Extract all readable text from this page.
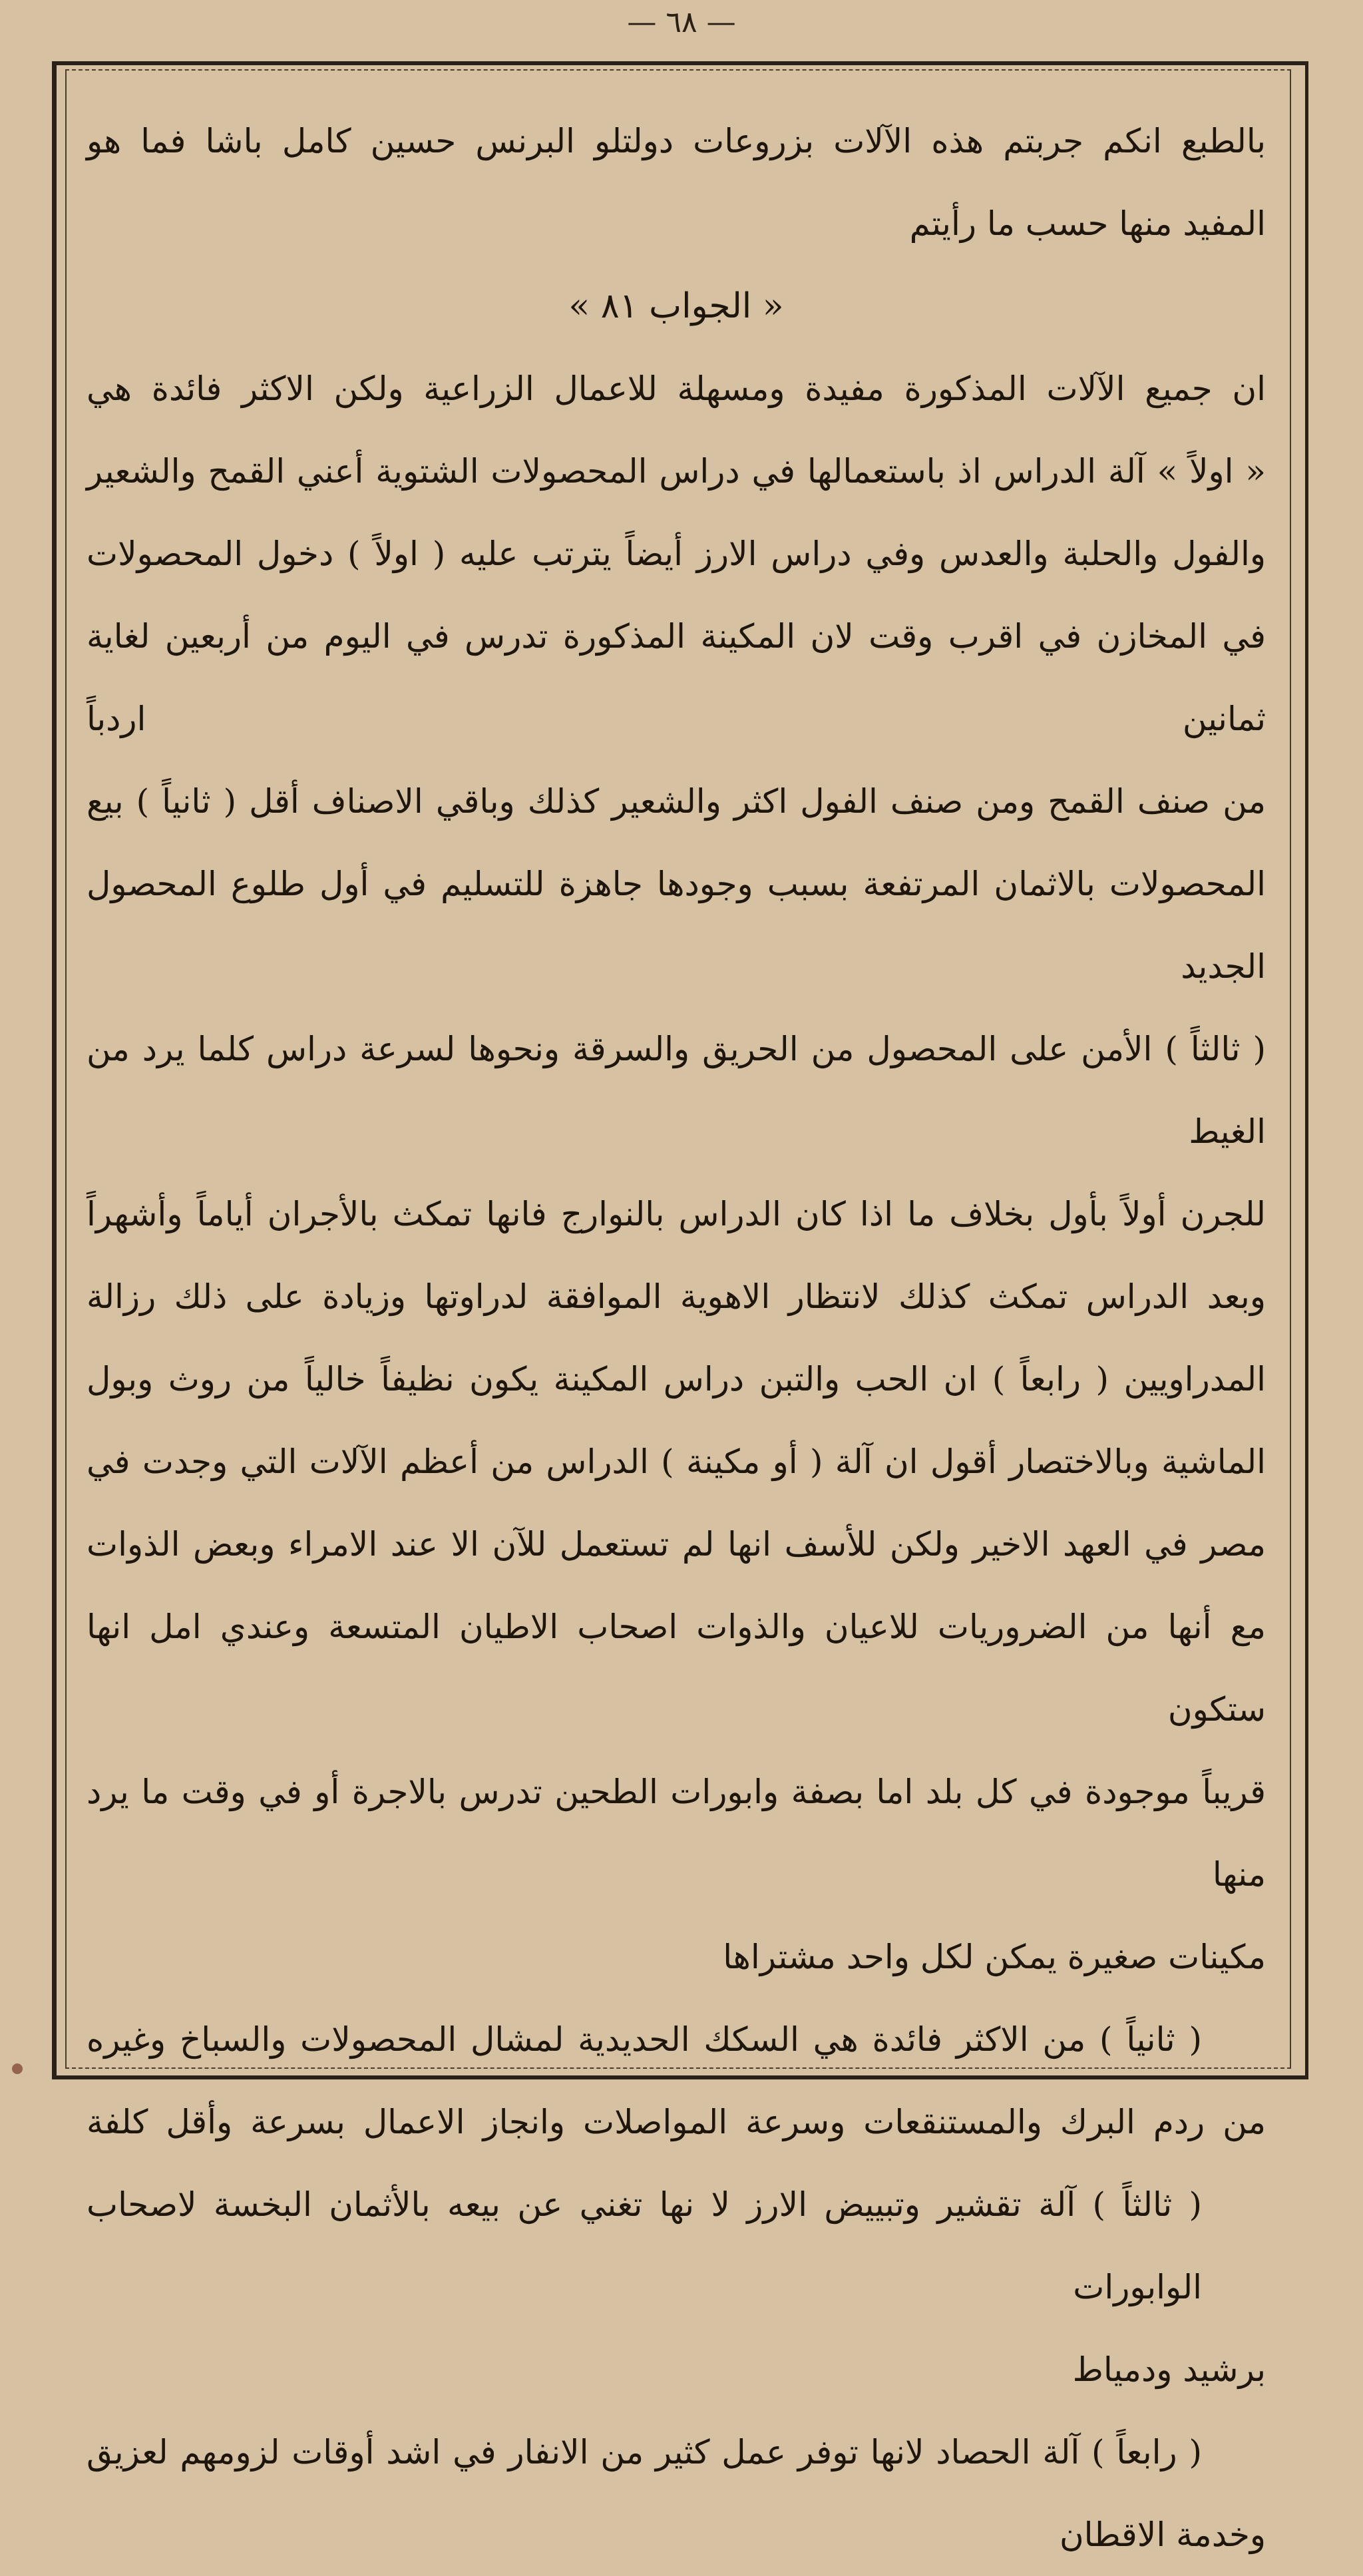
— ٦٨ —

بالطبع انكم جربتم هذه الآلات بزروعات دولتلو البرنس حسين كامل باشا فما هو

المفيد منها حسب ما رأيتم

« الجواب ٨١ »

ان جميع الآلات المذكورة مفيدة ومسهلة للاعمال الزراعية ولكن الاكثر فائدة هي

« اولاً » آلة الدراس اذ باستعمالها في دراس المحصولات الشتوية أعني القمح والشعير

والفول والحلبة والعدس وفي دراس الارز أيضاً يترتب عليه ( اولاً ) دخول المحصولات

في المخازن في اقرب وقت لان المكينة المذكورة تدرس في اليوم من أربعين لغاية ثمانين اردباً

من صنف القمح ومن صنف الفول اكثر والشعير كذلك وباقي الاصناف أقل ( ثانياً ) بيع

المحصولات بالاثمان المرتفعة بسبب وجودها جاهزة للتسليم في أول طلوع المحصول الجديد

( ثالثاً ) الأمن على المحصول من الحريق والسرقة ونحوها لسرعة دراس كلما يرد من الغيط

للجرن أولاً بأول بخلاف ما اذا كان الدراس بالنوارج فانها تمكث بالأجران أياماً وأشهراً

وبعد الدراس تمكث كذلك لانتظار الاهوية الموافقة لدراوتها وزيادة على ذلك رزالة

المدراويين ( رابعاً ) ان الحب والتبن دراس المكينة يكون نظيفاً خالياً من روث وبول

الماشية وبالاختصار أقول ان آلة ( أو مكينة ) الدراس من أعظم الآلات التي وجدت في

مصر في العهد الاخير ولكن للأسف انها لم تستعمل للآن الا عند الامراء وبعض الذوات

مع أنها من الضروريات للاعيان والذوات اصحاب الاطيان المتسعة وعندي امل انها ستكون

قريباً موجودة في كل بلد اما بصفة وابورات الطحين تدرس بالاجرة أو في وقت ما يرد منها

مكينات صغيرة يمكن لكل واحد مشتراها

( ثانياً ) من الاكثر فائدة هي السكك الحديدية لمشال المحصولات والسباخ وغيره

من ردم البرك والمستنقعات وسرعة المواصلات وانجاز الاعمال بسرعة وأقل كلفة

( ثالثاً ) آلة تقشير وتبييض الارز لا نها تغني عن بيعه بالأثمان البخسة لاصحاب الوابورات

برشيد ودمياط

( رابعاً ) آلة الحصاد لانها توفر عمل كثير من الانفار في اشد أوقات لزومهم لعزيق

وخدمة الاقطان
